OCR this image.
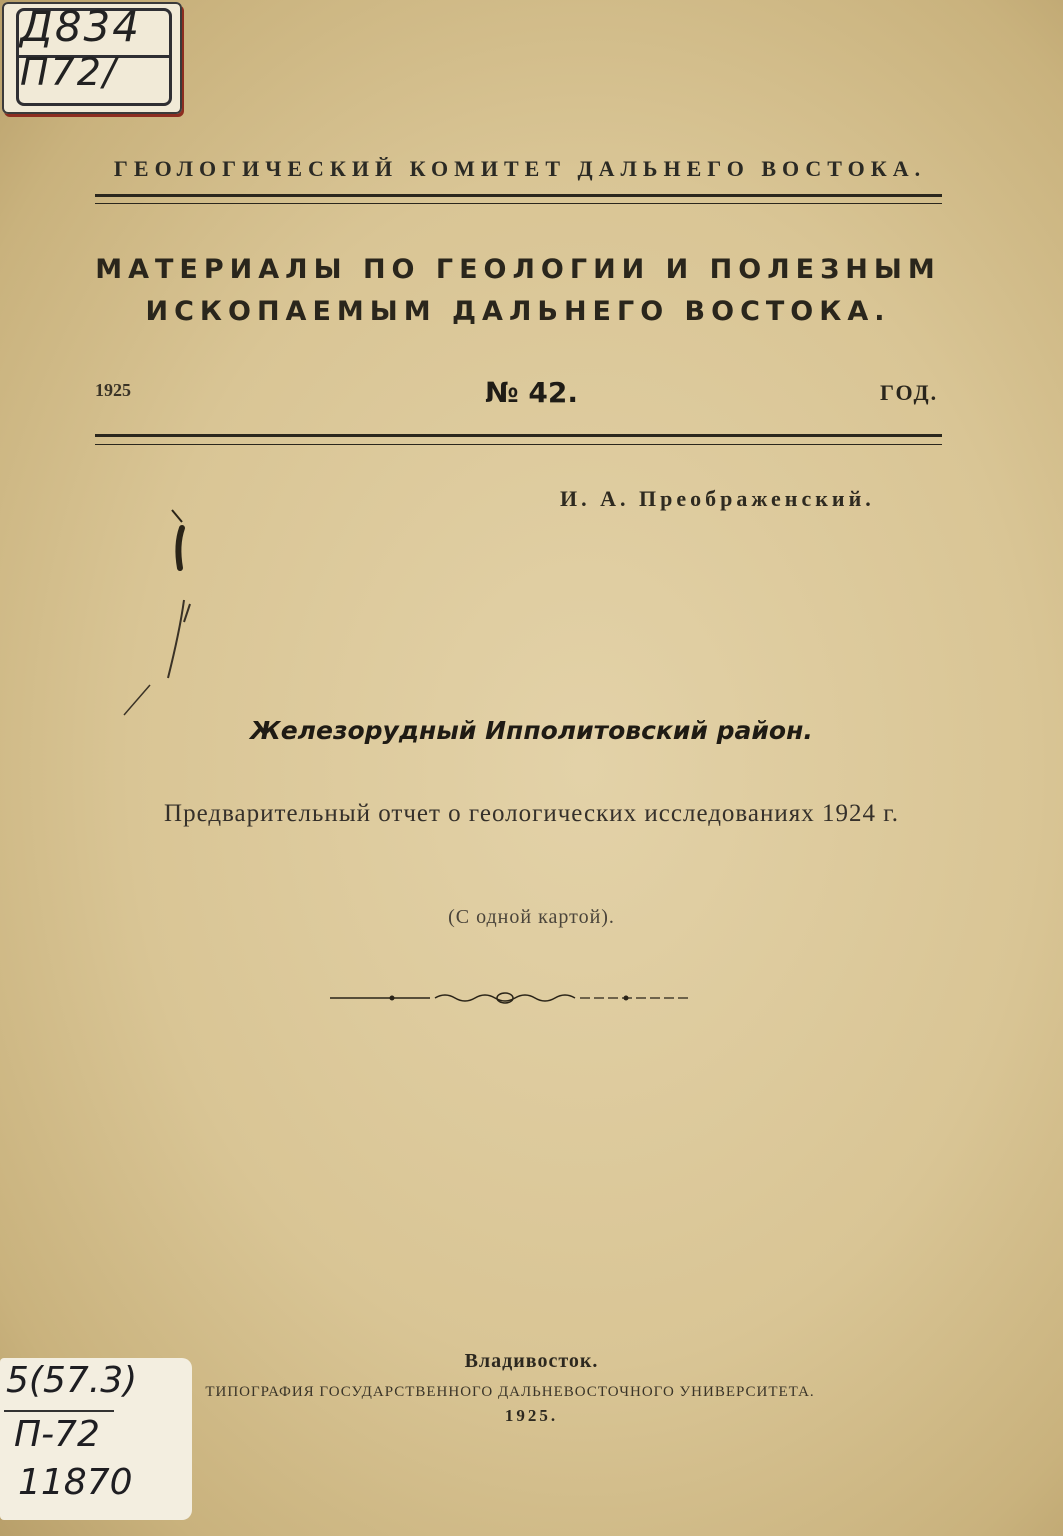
Д834
П72/
ГЕОЛОГИЧЕСКИЙ КОМИТЕТ ДАЛЬНЕГО ВОСТОКА.
МАТЕРИАЛЫ ПО ГЕОЛОГИИ И ПОЛЕЗНЫМ
ИСКОПАЕМЫМ ДАЛЬНЕГО ВОСТОКА.
1925	№ 42.	ГОД.
И. А. Преображенский.
Железорудный Ипполитовский район.
Предварительный отчет о геологических исследованиях 1924 г.
(С одной картой).
Владивосток.
ТИПОГРАФИЯ ГОСУДАРСТВЕННОГО ДАЛЬНЕВОСТОЧНОГО УНИВЕРСИТЕТА.
1925.
5(57.3)
П-72
11870
